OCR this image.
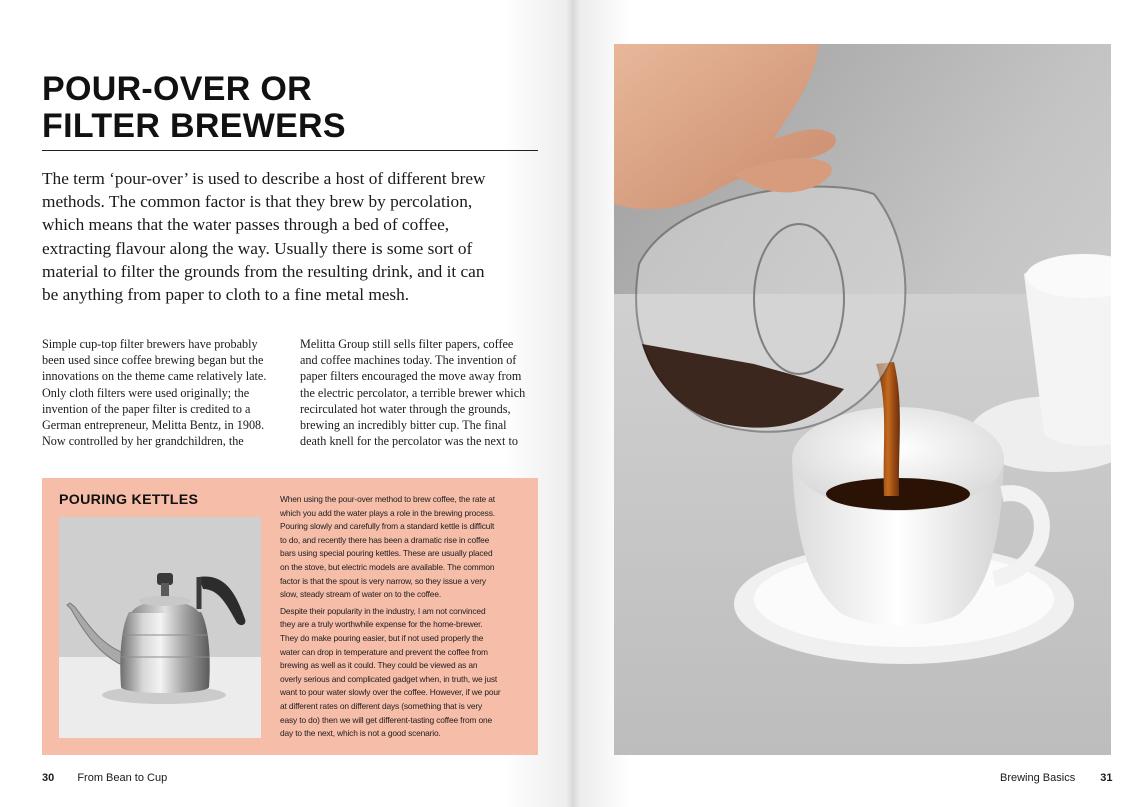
POUR-OVER OR
FILTER BREWERS

The term ‘pour-over’ is used to describe a host of different brew
methods. The common factor is that they brew by percolation,
which means that the water passes through a bed of coffee,
extracting flavour along the way. Usually there is some sort of
material to filter the grounds from the resulting drink, and it can
be anything from paper to cloth to a fine metal mesh.

Simple cup-top filter brewers have probably
been used since coffee brewing began but the
innovations on the theme came relatively late.
Only cloth filters were used originally; the
invention of the paper filter is credited to a
German entrepreneur, Melitta Bentz, in 1908.
Now controlled by her grandchildren, the

Melitta Group still sells filter papers, coffee
and coffee machines today. The invention of
paper filters encouraged the move away from
the electric percolator, a terrible brewer which
recirculated hot water through the grounds,
brewing an incredibly bitter cup. The final
death knell for the percolator was the next to

POURING KETTLES	When using the pour-over method to brew coffee, the rate at
which you add the water plays a role in the brewing process.
Pouring slowly and carefully from a standard kettle is difficult
to do, and recently there has been a dramatic rise in coffee
bars using special pouring kettles. These are usually placed
on the stove, but electric models are available. The common
factor is that the spout is very narrow, so they issue a very
slow, steady stream of water on to the coffee.

Despite their popularity in the industry, I am not convinced
they are a truly worthwhile expense for the home-brewer.
They do make pouring easier, but if not used properly the
water can drop in temperature and prevent the coffee from
brewing as well as it could. They could be viewed as an
overly serious and complicated gadget when, in truth, we just
want to pour water slowly over the coffee. However, if we pour
at different rates on different days (something that is very
easy to do) then we will get different-tasting coffee from one
day to the next, which is not a good scenario.

30 From Bean to Cup	Brewing Basics 31
